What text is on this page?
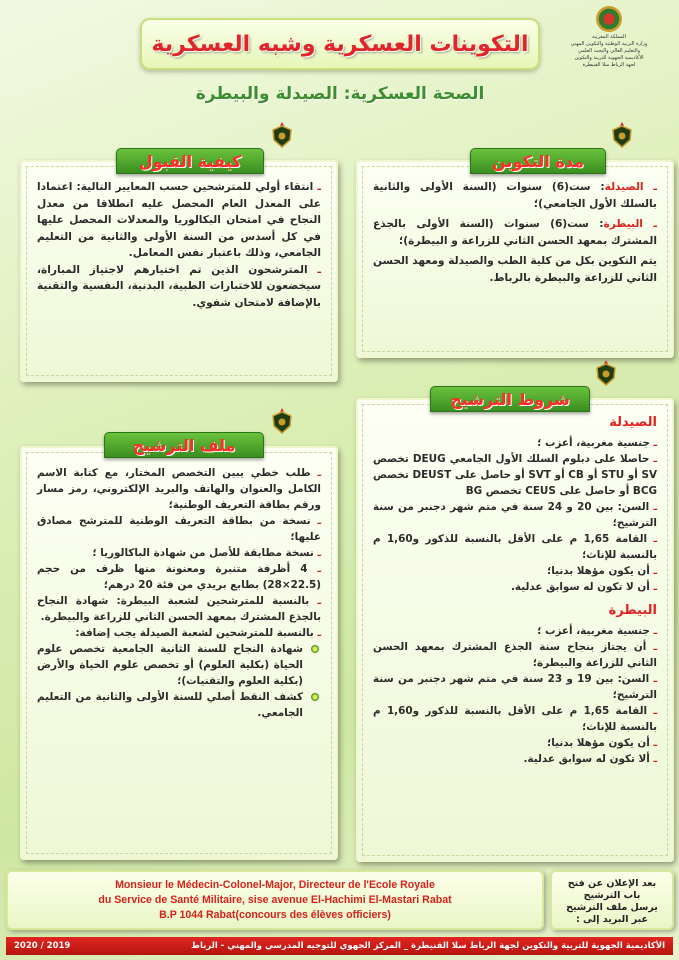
التكوينات العسكرية وشبه العسكرية
الصحة العسكرية: الصيدلة والبيطرة
المملكة المغربية
وزارة التربية الوطنية والتكوين المهني
والتعليم العالي والبحث العلمي
الأكاديمية الجهوية للتربية والتكوين
لجهة الرباط سلا القنيطرة
ـ الصيدلة: ست(6) سنوات (السنة الأولى والثانية بالسلك الأول الجامعي)؛
ـ البيطرة: ست(6) سنوات (السنة الأولى بالجذع المشترك بمعهد الحسن الثاني للزراعة و البيطرة)؛
يتم التكوين بكل من كلية الطب والصيدلة ومعهد الحسن الثاني للزراعة والبيطرة بالرباط.
مدة التكوين
ـ انتقاء أولي للمترشحين حسب المعايير التالية: اعتمادا على المعدل العام المحصل عليه انطلاقا من معدل النجاح في امتحان البكالوريا والمعدلات المحصل عليها في كل أسدس من السنة الأولى والثانية من التعليم الجامعي، وذلك باعتبار نفس المعامل.
ـ المترشحون الذين تم اختيارهم لاجتياز المباراة، سيخضعون للاختبارات الطبية، البدنية، النفسية والتقنية بالإضافة لامتحان شفوي.
كيفية القبول
الصيدلة
ـ جنسية مغربية، أعزب ؛
ـ حاصلا على دبلوم السلك الأول الجامعي DEUG تخصص SV أو STU أو CB أو SVT أو حاصل على DEUST تخصص BCG أو حاصل على CEUS تخصص BG
ـ السن: بين 20 و 24 سنة في متم شهر دجنبر من سنة الترشيح؛
ـ القامة 1,65 م على الأقل بالنسبة للذكور و1,60 م بالنسبة للإناث؛
ـ أن يكون مؤهلا بدنيا؛
ـ أن لا تكون له سوابق عدلية.
البيطرة
ـ جنسية مغربية، أعزب ؛
ـ أن يجتاز بنجاح سنة الجذع المشترك بمعهد الحسن الثاني للزراعة والبيطرة؛
ـ السن: بين 19 و 23 سنة في متم شهر دجنبر من سنة الترشيح؛
ـ القامة 1,65 م على الأقل بالنسبة للذكور و1,60 م بالنسبة للإناث؛
ـ أن يكون مؤهلا بدنيا؛
ـ ألا تكون له سوابق عدلية.
شروط الترشيح
ـ طلب خطي يبين التخصص المختار، مع كتابة الاسم الكامل والعنوان والهاتف والبريد الإلكتروني، رمز مسار ورقم بطاقة التعريف الوطنية؛
ـ نسخة من بطاقة التعريف الوطنية للمترشح مصادق عليها؛
ـ نسخة مطابقة للأصل من شهادة الباكالوريا ؛
ـ 4 أظرفة متنبرة ومعنونة منها ظرف من حجم (22.5×28) بطابع بريدي من فئة 20 درهم؛
ـ بالنسبة للمترشحين لشعبة البيطرة: شهادة النجاح بالجذع المشترك بمعهد الحسن الثاني للزراعة والبيطرة.
ـ بالنسبة للمترشحين لشعبة الصيدلة يجب إضافة:
شهادة النجاح للسنة الثانية الجامعية تخصص علوم الحياة (بكلية العلوم) أو تخصص علوم الحياة والأرض (بكلية العلوم والتقنيات)؛
كشف النقط أصلي للسنة الأولى والثانية من التعليم الجامعي.
ملف الترشيح
Monsieur le Médecin-Colonel-Major, Directeur de l'Ecole Royale
du Service de Santé Militaire, sise avenue El-Hachimi El-Mastari Rabat
B.P 1044 Rabat(concours des élèves officiers)
بعد الإعلان عن فتح
باب الترشيح
يرسل ملف الترشيح
عبر البريد إلى :
2020 / 2019	الأكاديمية الجهوية للتربية والتكوين لجهة الرباط سلا القنيطرة _ المركز الجهوي للتوجيه المدرسي والمهني - الرباط
